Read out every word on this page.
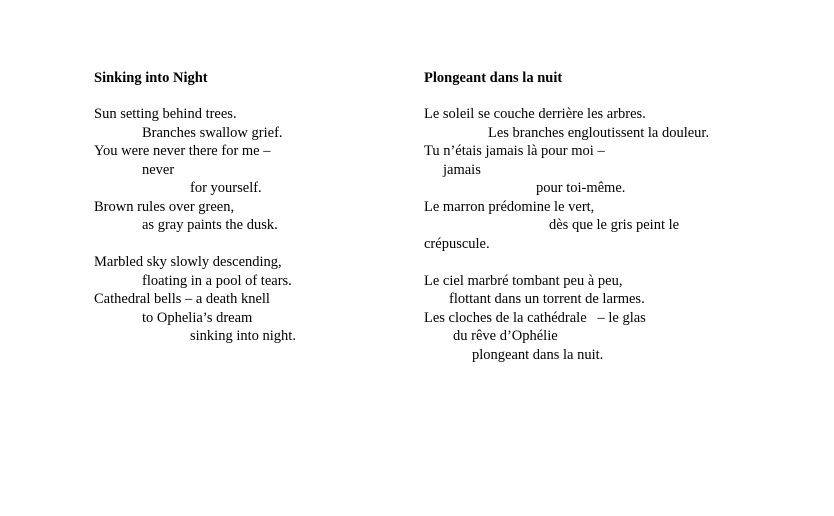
Sinking into Night
Sun setting behind trees.
Branches swallow grief.
You were never there for me –
never
for yourself.
Brown rules over green,
as gray paints the dusk.
Marbled sky slowly descending,
floating in a pool of tears.
Cathedral bells – a death knell
to Ophelia’s dream
sinking into night.
Plongeant dans la nuit
Le soleil se couche derrière les arbres.
Les branches engloutissent la douleur.
Tu n’étais jamais là pour moi –
jamais
pour toi-même.
Le marron prédomine le vert,
dès que le gris peint le
crépuscule.
Le ciel marbré tombant peu à peu,
flottant dans un torrent de larmes.
Les cloches de la cathédrale   – le glas
du rêve d’Ophélie
plongeant dans la nuit.
